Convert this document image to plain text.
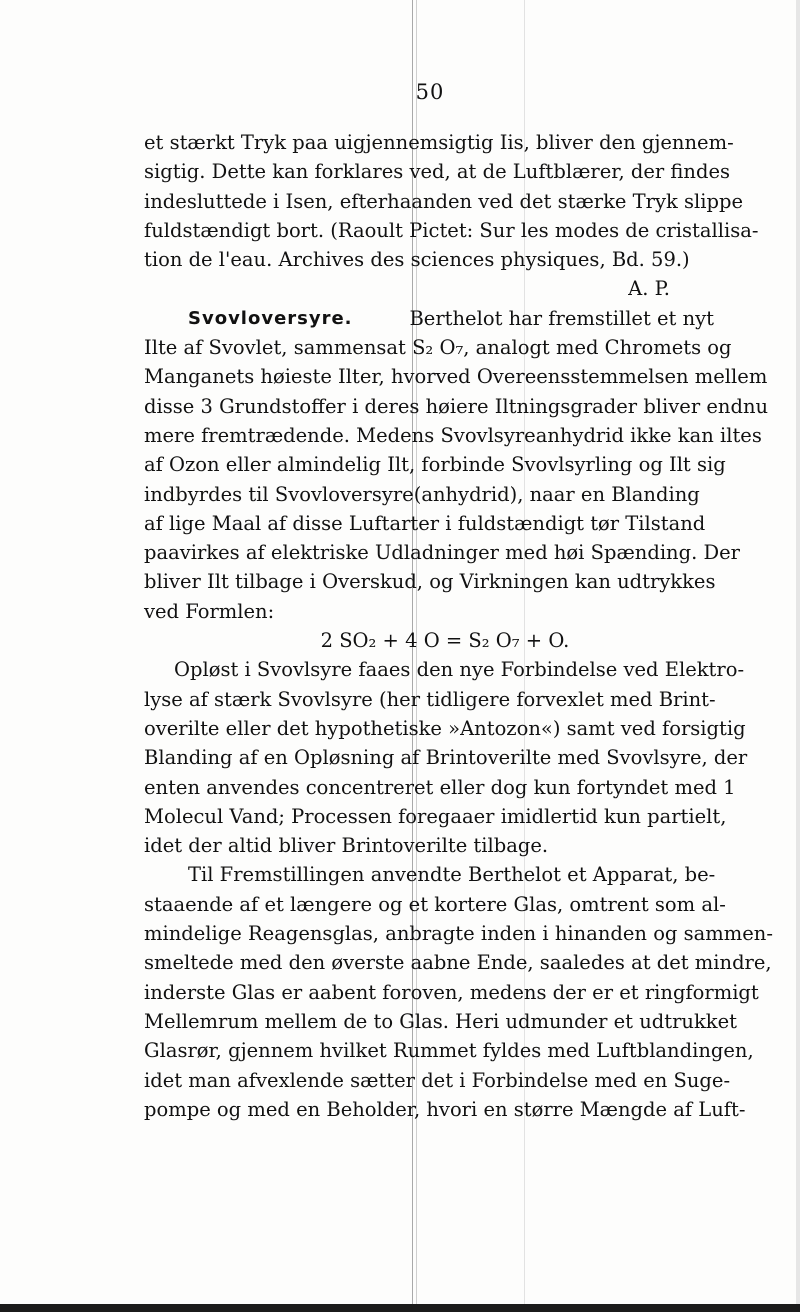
50
et stærkt Tryk paa uigjennemsigtig Iis, bliver den gjennem-
sigtig. Dette kan forklares ved, at de Luftblærer, der findes
indesluttede i Isen, efterhaanden ved det stærke Tryk slippe
fuldstændigt bort. (Raoult Pictet: Sur les modes de cristallisa-
tion de l'eau. Archives des sciences physiques, Bd. 59.)
A. P.
Svovloversyre.	Berthelot har fremstillet et nyt
Ilte af Svovlet, sammensat S₂ O₇, analogt med Chromets og
Manganets høieste Ilter, hvorved Overeensstemmelsen mellem
disse 3 Grundstoffer i deres høiere Iltningsgrader bliver endnu
mere fremtrædende. Medens Svovlsyreanhydrid ikke kan iltes
af Ozon eller almindelig Ilt, forbinde Svovlsyrling og Ilt sig
indbyrdes til Svovloversyre(anhydrid), naar en Blanding
af lige Maal af disse Luftarter i fuldstændigt tør Tilstand
paavirkes af elektriske Udladninger med høi Spænding. Der
bliver Ilt tilbage i Overskud, og Virkningen kan udtrykkes
ved Formlen:
2 SO₂ + 4 O = S₂ O₇ + O.
Opløst i Svovlsyre faaes den nye Forbindelse ved Elektro-
lyse af stærk Svovlsyre (her tidligere forvexlet med Brint-
overilte eller det hypothetiske »Antozon«) samt ved forsigtig
Blanding af en Opløsning af Brintoverilte med Svovlsyre, der
enten anvendes concentreret eller dog kun fortyndet med 1
Molecul Vand; Processen foregaaer imidlertid kun partielt,
idet der altid bliver Brintoverilte tilbage.
Til Fremstillingen anvendte Berthelot et Apparat, be-
staaende af et længere og et kortere Glas, omtrent som al-
mindelige Reagensglas, anbragte inden i hinanden og sammen-
smeltede med den øverste aabne Ende, saaledes at det mindre,
inderste Glas er aabent foroven, medens der er et ringformigt
Mellemrum mellem de to Glas. Heri udmunder et udtrukket
Glasrør, gjennem hvilket Rummet fyldes med Luftblandingen,
idet man afvexlende sætter det i Forbindelse med en Suge-
pompe og med en Beholder, hvori en større Mængde af Luft-
